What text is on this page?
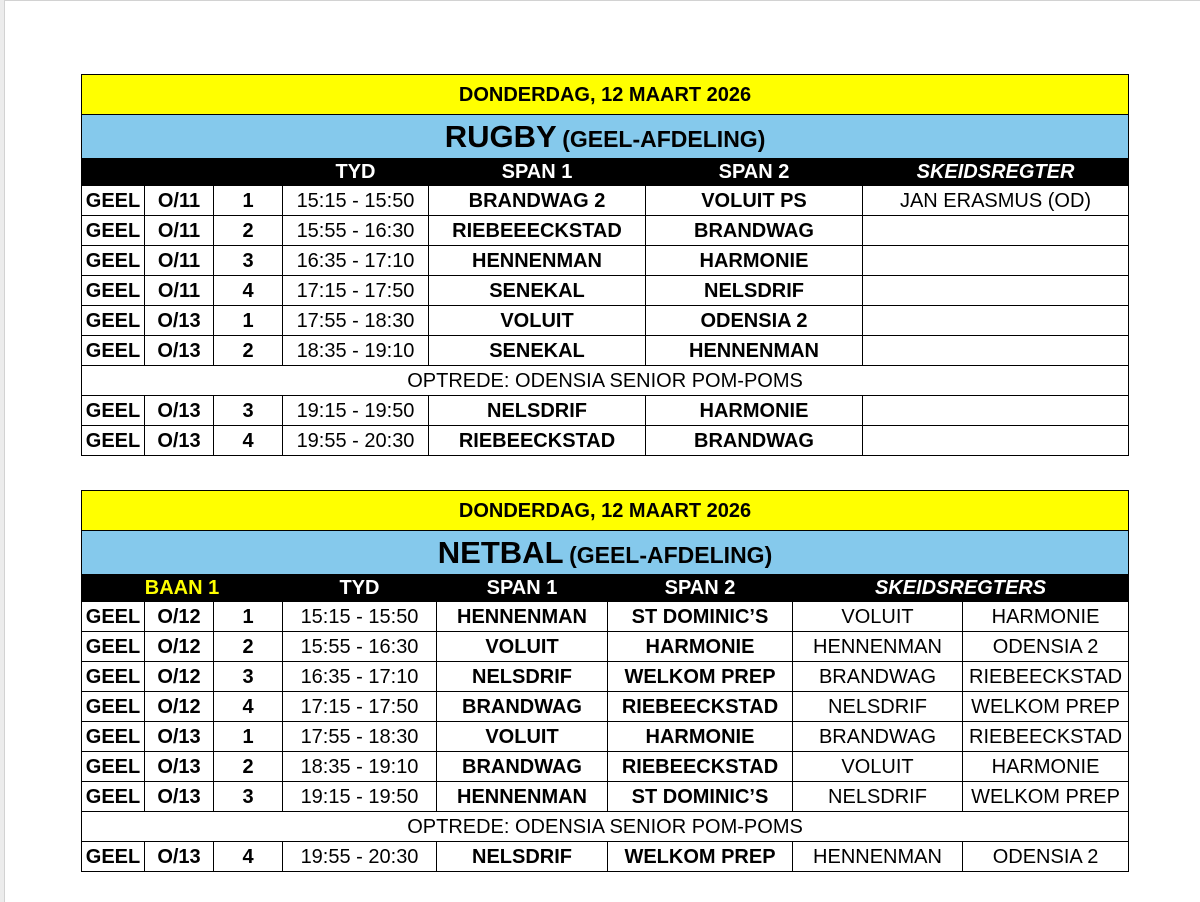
DONDERDAG, 12 MAART 2026						
RUGBY (GEEL-AFDELING)						
			TYD	SPAN 1	SPAN 2	SKEIDSREGTER
GEEL	O/11	1	15:15 - 15:50	BRANDWAG 2	VOLUIT PS	JAN ERASMUS (OD)
GEEL	O/11	2	15:55 - 16:30	RIEBEEECKSTAD	BRANDWAG	
GEEL	O/11	3	16:35 - 17:10	HENNENMAN	HARMONIE	
GEEL	O/11	4	17:15 - 17:50	SENEKAL	NELSDRIF	
GEEL	O/13	1	17:55 - 18:30	VOLUIT	ODENSIA 2	
GEEL	O/13	2	18:35 - 19:10	SENEKAL	HENNENMAN	
OPTREDE: ODENSIA SENIOR POM-POMS						
GEEL	O/13	3	19:15 - 19:50	NELSDRIF	HARMONIE	
GEEL	O/13	4	19:55 - 20:30	RIEBEECKSTAD	BRANDWAG	
DONDERDAG, 12 MAART 2026							
NETBAL (GEEL-AFDELING)							
BAAN 1			TYD	SPAN 1	SPAN 2	SKEIDSREGTERS	
GEEL	O/12	1	15:15 - 15:50	HENNENMAN	ST DOMINIC’S	VOLUIT	HARMONIE
GEEL	O/12	2	15:55 - 16:30	VOLUIT	HARMONIE	HENNENMAN	ODENSIA 2
GEEL	O/12	3	16:35 - 17:10	NELSDRIF	WELKOM PREP	BRANDWAG	RIEBEECKSTAD
GEEL	O/12	4	17:15 - 17:50	BRANDWAG	RIEBEECKSTAD	NELSDRIF	WELKOM PREP
GEEL	O/13	1	17:55 - 18:30	VOLUIT	HARMONIE	BRANDWAG	RIEBEECKSTAD
GEEL	O/13	2	18:35 - 19:10	BRANDWAG	RIEBEECKSTAD	VOLUIT	HARMONIE
GEEL	O/13	3	19:15 - 19:50	HENNENMAN	ST DOMINIC’S	NELSDRIF	WELKOM PREP
OPTREDE: ODENSIA SENIOR POM-POMS							
GEEL	O/13	4	19:55 - 20:30	NELSDRIF	WELKOM PREP	HENNENMAN	ODENSIA 2
